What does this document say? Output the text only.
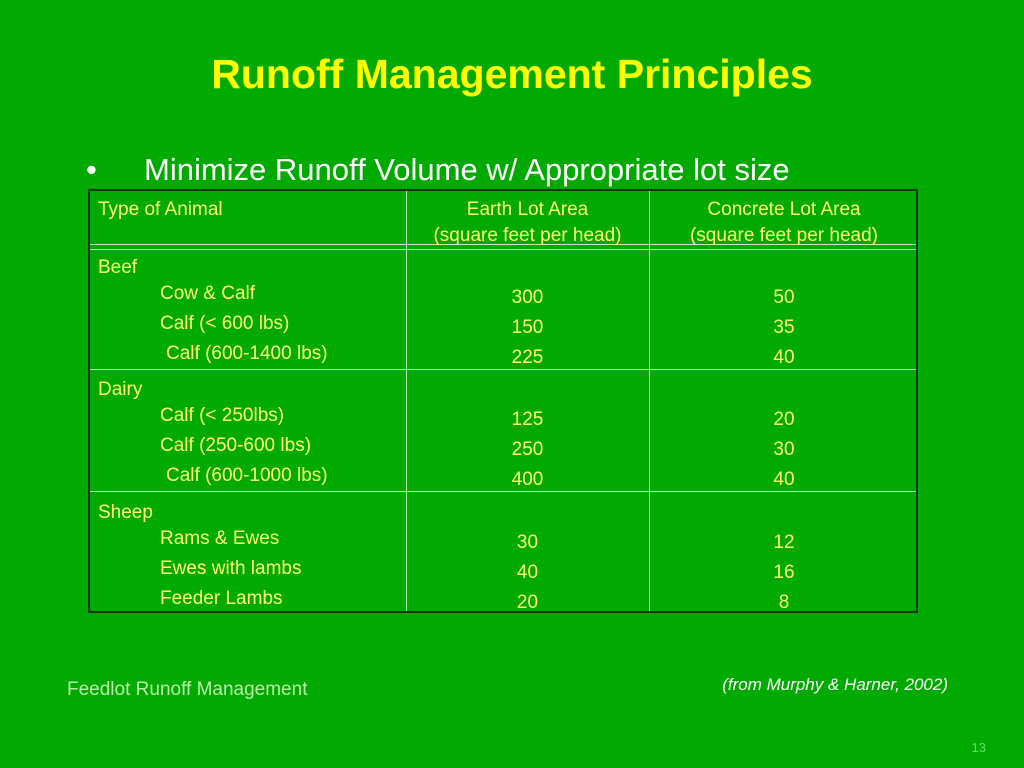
Runoff Management Principles
• Minimize Runoff Volume w/ Appropriate lot size
Type of Animal	Earth Lot Area
(square feet per head)
Concrete Lot Area
(square feet per head)
Beef
Cow & Calf
Calf (< 600 lbs)
Calf (600-1400 lbs)
300
150
225
50
35
40
Dairy
Calf (< 250lbs)
Calf (250-600 lbs)
Calf (600-1000 lbs)
125
250
400
20
30
40
Sheep
Rams & Ewes
Ewes with lambs
Feeder Lambs
30
40
20
12
16
8
Feedlot Runoff Management	(from Murphy & Harner, 2002)
13
